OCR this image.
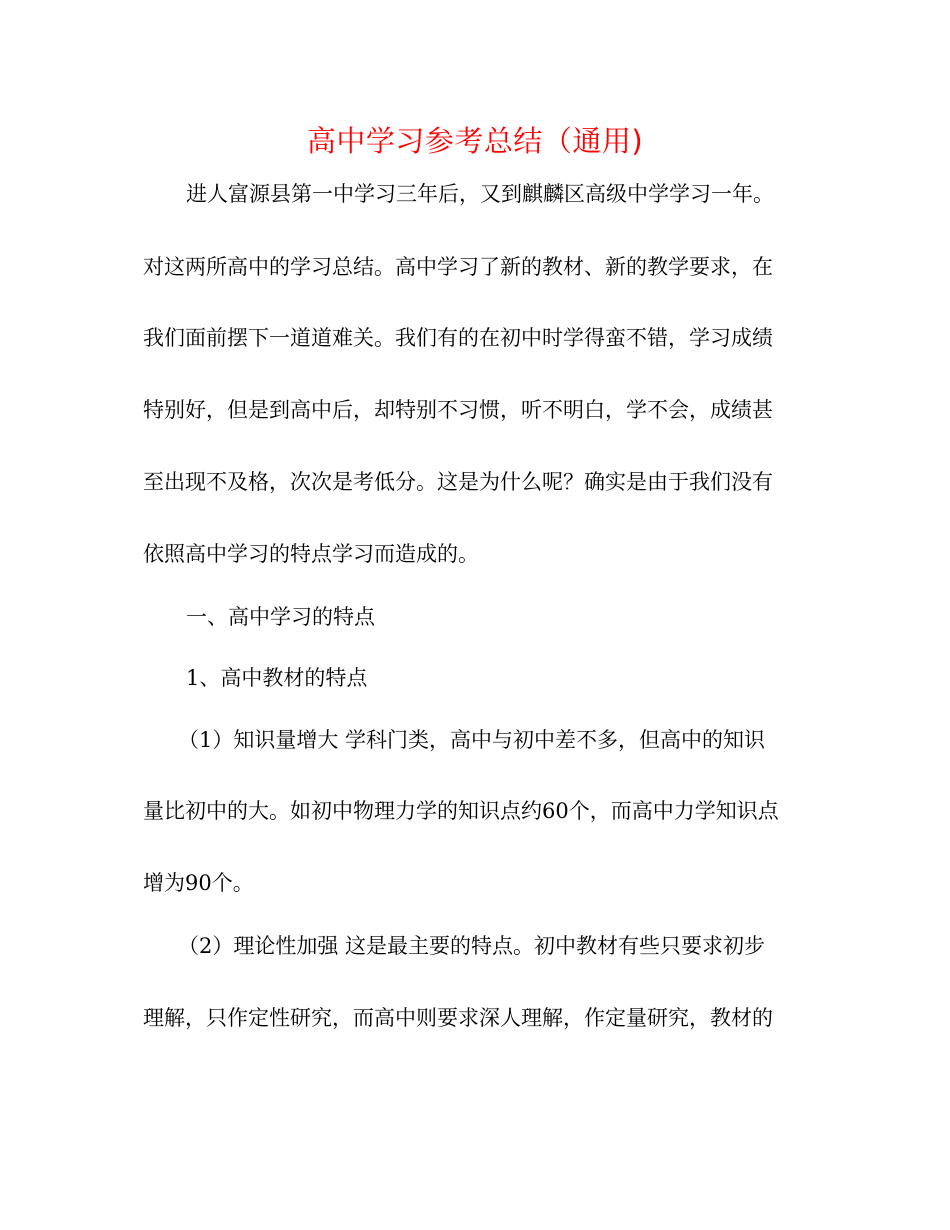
高中学习参考总结（通用)

进人富源县第一中学习三年后，又到麒麟区高级中学学习一年。

对这两所高中的学习总结。高中学习了新的教材、新的教学要求，在

我们面前摆下一道道难关。我们有的在初中时学得蛮不错，学习成绩

特别好，但是到高中后，却特别不习惯，听不明白，学不会，成绩甚

至出现不及格，次次是考低分。这是为什么呢？确实是由于我们没有

依照高中学习的特点学习而造成的。

一、高中学习的特点

1、高中教材的特点

（1）知识量增大 学科门类，高中与初中差不多，但高中的知识

量比初中的大。如初中物理力学的知识点约60个，而高中力学知识点

增为90个。

（2）理论性加强 这是最主要的特点。初中教材有些只要求初步

理解，只作定性研究，而高中则要求深人理解，作定量研究，教材的
